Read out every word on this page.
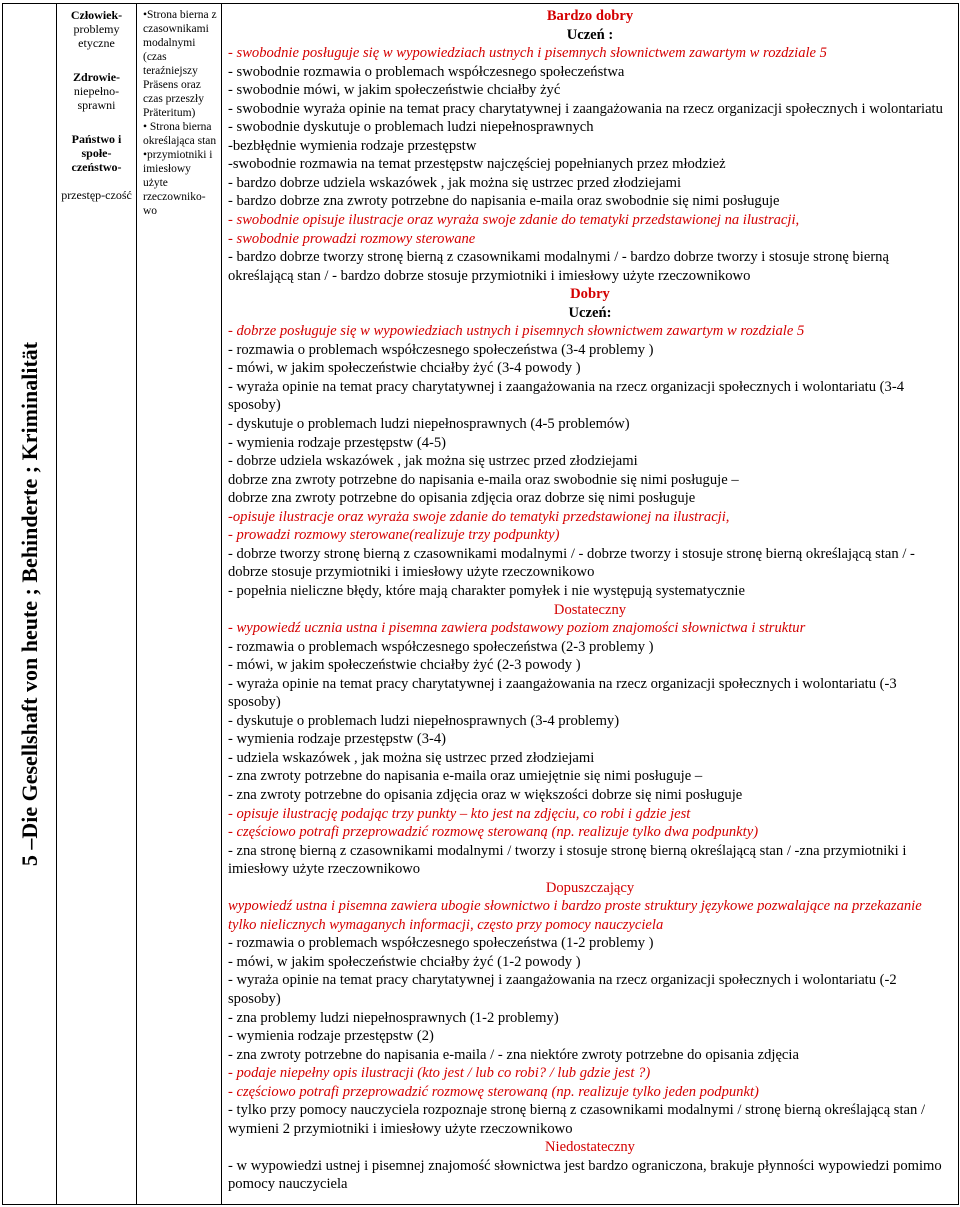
5 –Die Gesellshaft von heute ; Behinderte ; Kriminalität

Człowiek- problemy etyczne
Zdrowie- niepełno-sprawni
Państwo i społe-czeństwo-
przestęp-czość

•Strona bierna z czasownikami modalnymi (czas teraźniejszy Präsens oraz czas przeszły Präteritum)
• Strona bierna określająca stan
•przymiotniki i imiesłowy użyte rzeczowniko-wo

Bardzo dobry
Uczeń :
- swobodnie posługuje się w wypowiedziach ustnych i pisemnych słownictwem zawartym w rozdziale 5
- swobodnie rozmawia o problemach współczesnego społeczeństwa
- swobodnie mówi, w jakim społeczeństwie chciałby żyć
- swobodnie wyraża opinie na temat pracy charytatywnej i zaangażowania na rzecz organizacji społecznych i wolontariatu
- swobodnie dyskutuje o problemach ludzi niepełnosprawnych
-bezbłędnie wymienia rodzaje przestępstw
-swobodnie rozmawia na temat przestępstw najczęściej popełnianych przez młodzież
- bardzo dobrze udziela wskazówek , jak można się ustrzec przed złodziejami
- bardzo dobrze zna zwroty potrzebne do napisania e-maila oraz swobodnie się nimi posługuje
- swobodnie opisuje ilustracje oraz wyraża swoje zdanie do tematyki przedstawionej na ilustracji,
- swobodnie prowadzi rozmowy sterowane
- bardzo dobrze tworzy stronę bierną z czasownikami modalnymi / - bardzo dobrze tworzy i stosuje stronę bierną określającą stan / - bardzo dobrze stosuje przymiotniki i imiesłowy użyte rzeczownikowo
Dobry
Uczeń:
- dobrze posługuje się w wypowiedziach ustnych i pisemnych słownictwem zawartym w rozdziale 5
- rozmawia o problemach współczesnego społeczeństwa (3-4 problemy )
- mówi, w jakim społeczeństwie chciałby żyć (3-4 powody )
- wyraża opinie na temat pracy charytatywnej i zaangażowania na rzecz organizacji społecznych i wolontariatu (3-4 sposoby)
- dyskutuje o problemach ludzi niepełnosprawnych (4-5 problemów)
- wymienia rodzaje przestępstw (4-5)
- dobrze udziela wskazówek , jak można się ustrzec przed złodziejami
dobrze zna zwroty potrzebne do napisania e-maila oraz swobodnie się nimi posługuje –
dobrze zna zwroty potrzebne do opisania zdjęcia oraz dobrze się nimi posługuje
-opisuje ilustracje oraz wyraża swoje zdanie do tematyki przedstawionej na ilustracji,
- prowadzi rozmowy sterowane(realizuje trzy podpunkty)
- dobrze tworzy stronę bierną z czasownikami modalnymi / - dobrze tworzy i stosuje stronę bierną określającą stan / -dobrze stosuje przymiotniki i imiesłowy użyte rzeczownikowo
- popełnia nieliczne błędy, które mają charakter pomyłek i nie występują systematycznie
Dostateczny
- wypowiedź ucznia ustna i pisemna zawiera podstawowy poziom znajomości słownictwa i struktur
- rozmawia o problemach współczesnego społeczeństwa (2-3 problemy )
- mówi, w jakim społeczeństwie chciałby żyć (2-3 powody )
- wyraża opinie na temat pracy charytatywnej i zaangażowania na rzecz organizacji społecznych i wolontariatu (-3 sposoby)
- dyskutuje o problemach ludzi niepełnosprawnych (3-4 problemy)
- wymienia rodzaje przestępstw (3-4)
- udziela wskazówek , jak można się ustrzec przed złodziejami
- zna zwroty potrzebne do napisania e-maila oraz umiejętnie się nimi posługuje –
- zna zwroty potrzebne do opisania zdjęcia oraz w większości dobrze się nimi posługuje
- opisuje ilustrację podając trzy punkty – kto jest na zdjęciu, co robi i gdzie jest
- częściowo potrafi przeprowadzić rozmowę sterowaną (np. realizuje tylko dwa podpunkty)
- zna stronę bierną z czasownikami modalnymi / tworzy i stosuje stronę bierną określającą stan / -zna przymiotniki i imiesłowy użyte rzeczownikowo
Dopuszczający
wypowiedź ustna i pisemna zawiera ubogie słownictwo i bardzo proste struktury językowe pozwalające na przekazanie tylko nielicznych wymaganych informacji, często przy pomocy nauczyciela
- rozmawia o problemach współczesnego społeczeństwa (1-2 problemy )
- mówi, w jakim społeczeństwie chciałby żyć (1-2 powody )
- wyraża opinie na temat pracy charytatywnej i zaangażowania na rzecz organizacji społecznych i wolontariatu (-2 sposoby)
- zna problemy ludzi niepełnosprawnych (1-2 problemy)
- wymienia rodzaje przestępstw (2)
- zna zwroty potrzebne do napisania e-maila / - zna niektóre zwroty potrzebne do opisania zdjęcia
- podaje niepełny opis ilustracji (kto jest / lub co robi? / lub gdzie jest ?)
- częściowo potrafi przeprowadzić rozmowę sterowaną (np. realizuje tylko jeden podpunkt)
- tylko przy pomocy nauczyciela rozpoznaje stronę bierną z czasownikami modalnymi / stronę bierną określającą stan / wymieni 2 przymiotniki i imiesłowy użyte rzeczownikowo
Niedostateczny
- w wypowiedzi ustnej i pisemnej znajomość słownictwa jest bardzo ograniczona, brakuje płynności wypowiedzi pomimo pomocy nauczyciela
